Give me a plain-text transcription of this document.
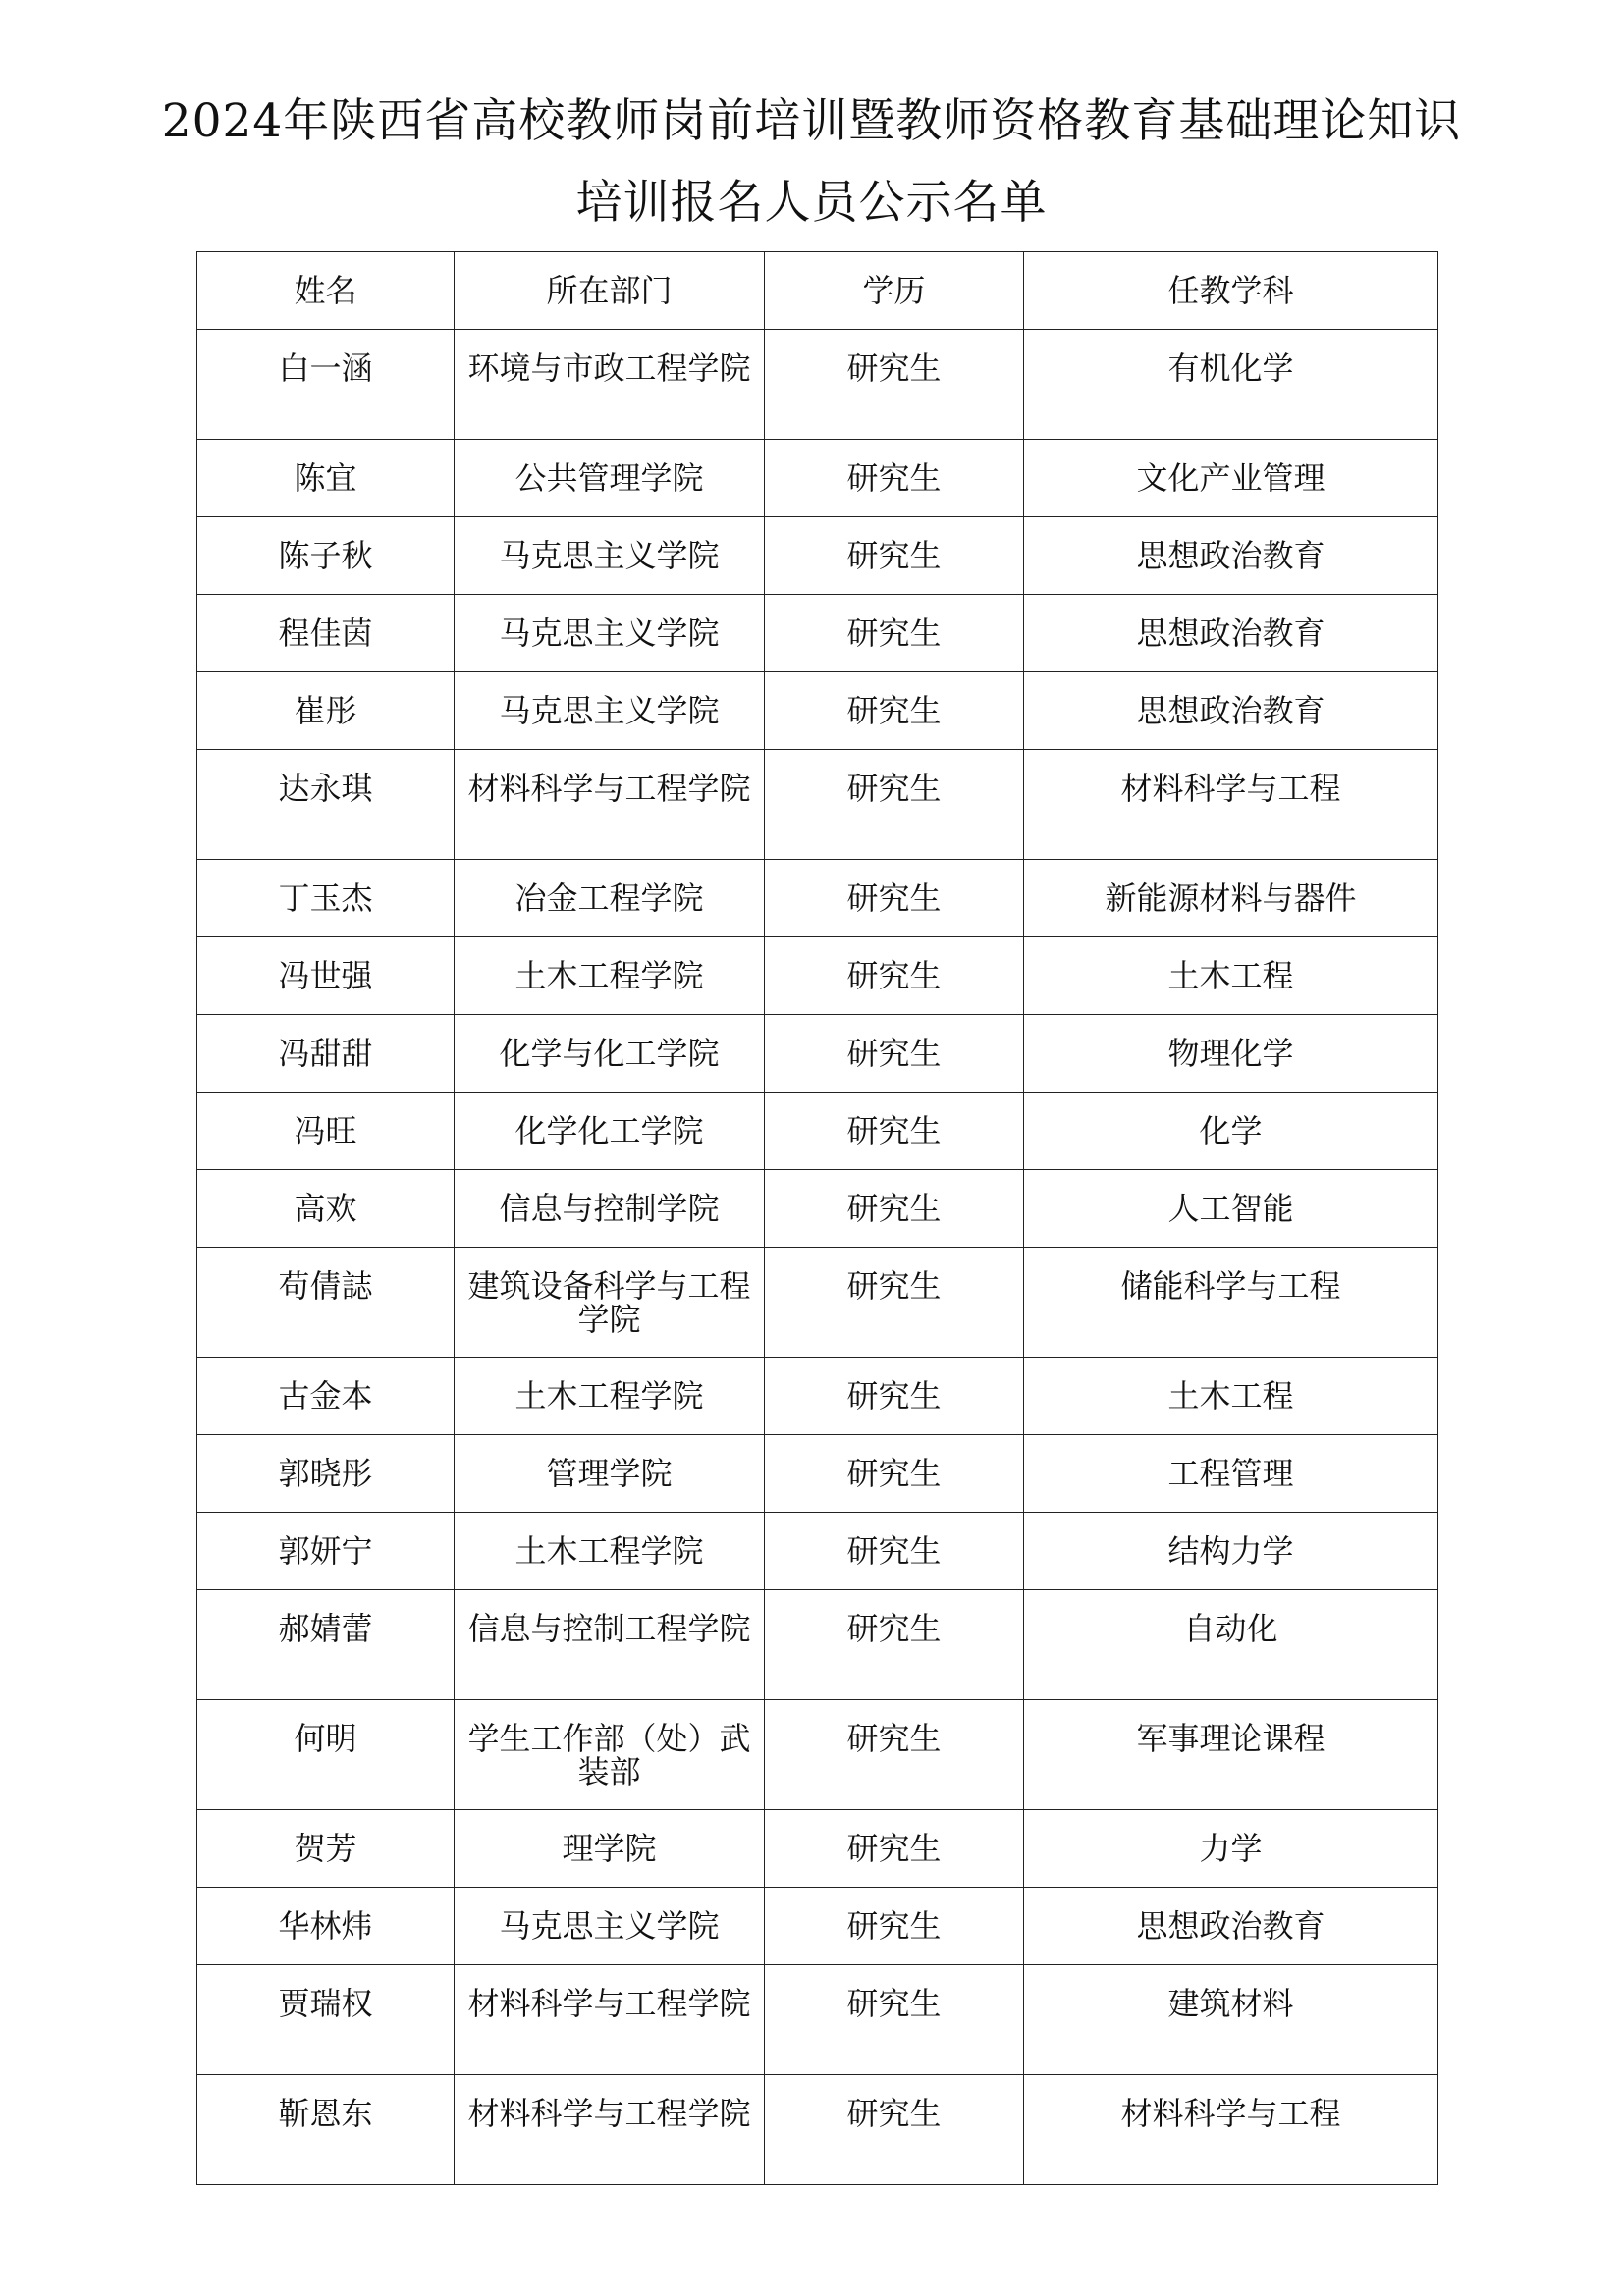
2024年陕西省高校教师岗前培训暨教师资格教育基础理论知识
培训报名人员公示名单
姓名	所在部门	学历	任教学科
白一涵	环境与市政工程学院	研究生	有机化学
陈宜	公共管理学院	研究生	文化产业管理
陈子秋	马克思主义学院	研究生	思想政治教育
程佳茵	马克思主义学院	研究生	思想政治教育
崔彤	马克思主义学院	研究生	思想政治教育
达永琪	材料科学与工程学院	研究生	材料科学与工程
丁玉杰	冶金工程学院	研究生	新能源材料与器件
冯世强	土木工程学院	研究生	土木工程
冯甜甜	化学与化工学院	研究生	物理化学
冯旺	化学化工学院	研究生	化学
高欢	信息与控制学院	研究生	人工智能
苟倩誌	建筑设备科学与工程学院	研究生	储能科学与工程
古金本	土木工程学院	研究生	土木工程
郭晓彤	管理学院	研究生	工程管理
郭妍宁	土木工程学院	研究生	结构力学
郝婧蕾	信息与控制工程学院	研究生	自动化
何明	学生工作部（处）武装部	研究生	军事理论课程
贺芳	理学院	研究生	力学
华林炜	马克思主义学院	研究生	思想政治教育
贾瑞权	材料科学与工程学院	研究生	建筑材料
靳恩东	材料科学与工程学院	研究生	材料科学与工程
